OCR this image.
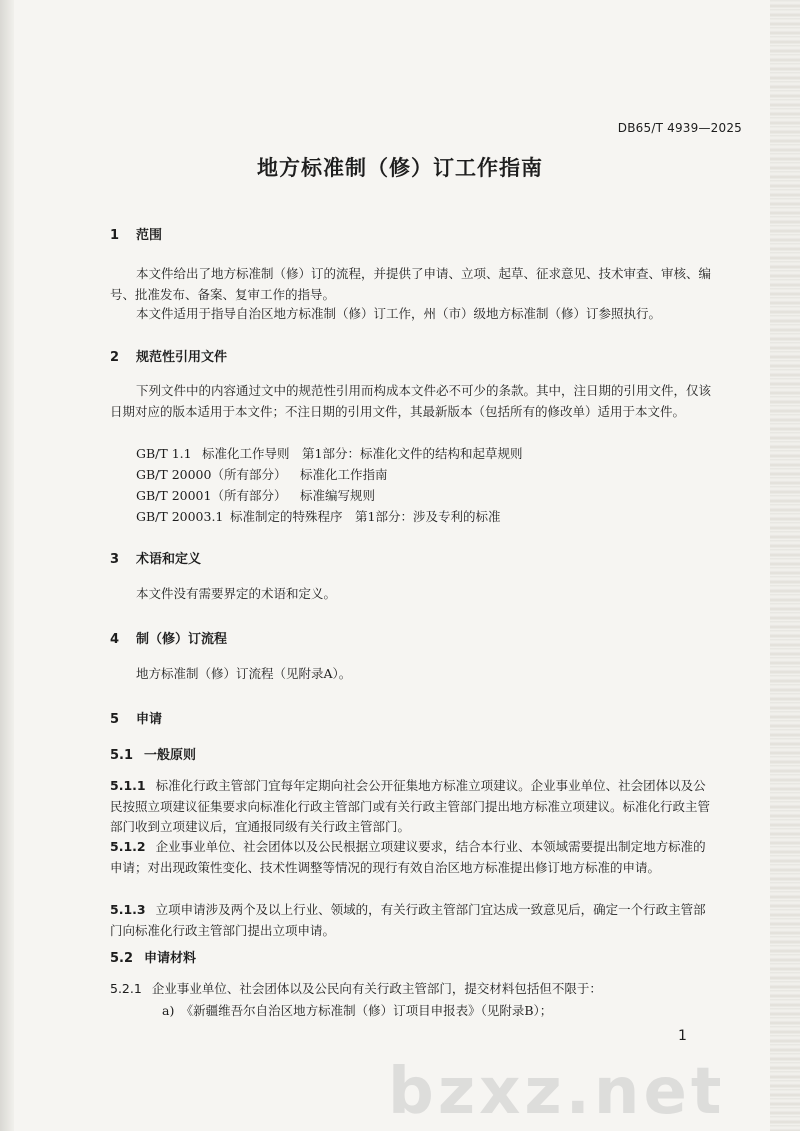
DB65/T 4939—2025
地方标准制（修）订工作指南
1 范围
本文件给出了地方标准制（修）订的流程，并提供了申请、立项、起草、征求意见、技术审查、审核、编号、批准发布、备案、复审工作的指导。
本文件适用于指导自治区地方标准制（修）订工作，州（市）级地方标准制（修）订参照执行。
2 规范性引用文件
下列文件中的内容通过文中的规范性引用而构成本文件必不可少的条款。其中，注日期的引用文件，仅该日期对应的版本适用于本文件；不注日期的引用文件，其最新版本（包括所有的修改单）适用于本文件。
GB/T 1.1 标准化工作导则　第1部分：标准化文件的结构和起草规则
GB/T 20000（所有部分） 标准化工作指南
GB/T 20001（所有部分） 标准编写规则
GB/T 20003.1 标准制定的特殊程序　第1部分：涉及专利的标准
3 术语和定义
本文件没有需要界定的术语和定义。
4 制（修）订流程
地方标准制（修）订流程（见附录A）。
5 申请
5.1 一般原则
5.1.1 标准化行政主管部门宜每年定期向社会公开征集地方标准立项建议。企业事业单位、社会团体以及公民按照立项建议征集要求向标准化行政主管部门或有关行政主管部门提出地方标准立项建议。标准化行政主管部门收到立项建议后，宜通报同级有关行政主管部门。
5.1.2 企业事业单位、社会团体以及公民根据立项建议要求，结合本行业、本领域需要提出制定地方标准的申请；对出现政策性变化、技术性调整等情况的现行有效自治区地方标准提出修订地方标准的申请。
5.1.3 立项申请涉及两个及以上行业、领域的，有关行政主管部门宜达成一致意见后，确定一个行政主管部门向标准化行政主管部门提出立项申请。
5.2 申请材料
5.2.1 企业事业单位、社会团体以及公民向有关行政主管部门，提交材料包括但不限于：
a)　《新疆维吾尔自治区地方标准制（修）订项目申报表》（见附录B）；
1
bzxz.net
